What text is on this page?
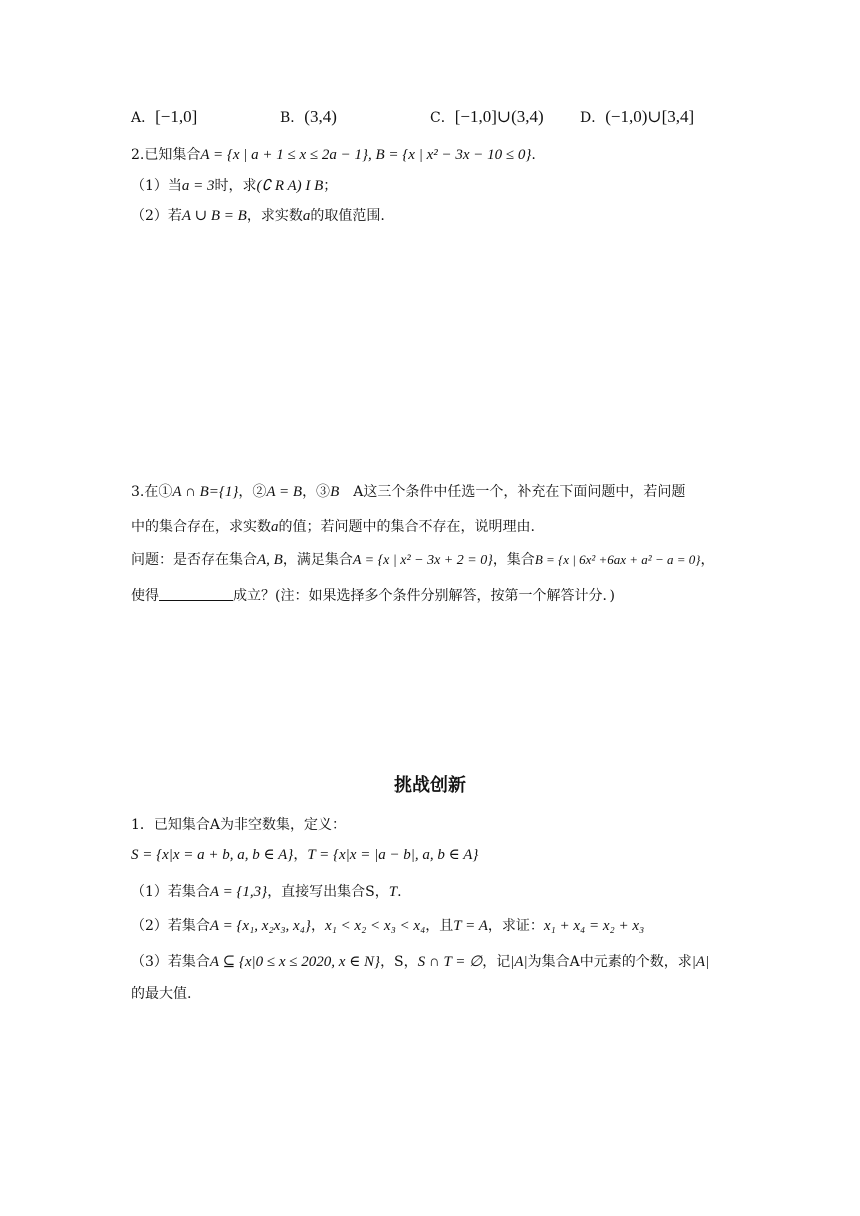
A．[−1,0]	B．(3,4)	C．[−1,0]∪(3,4)	D．(−1,0)∪[3,4]
2.已知集合A = {x | a + 1 ≤ x ≤ 2a − 1}, B = {x | x² − 3x − 10 ≤ 0}.
（1）当a = 3时，求(∁ R A) I B；
（2）若A ∪ B = B，求实数a的取值范围.
3.在①A ∩ B={1}，②A = B，③B　A这三个条件中任选一个，补充在下面问题中，若问题
中的集合存在，求实数a的值；若问题中的集合不存在，说明理由.
问题：是否存在集合A, B，满足集合A = {x | x² − 3x + 2 = 0}，集合B = {x | 6x² +6ax + a² − a = 0}，
使得	成立？(注：如果选择多个条件分别解答，按第一个解答计分．)
挑战创新
1．已知集合A为非空数集，定义：
S = {x|x = a + b, a, b ∈ A}，T = {x|x = |a − b|, a, b ∈ A}
（1）若集合A = {1,3}，直接写出集合S，T.
（2）若集合A = {x₁, x₂x₃, x₄}，x₁ < x₂ < x₃ < x₄，且T = A，求证：x₁ + x₄ = x₂ + x₃
（3）若集合A ⊆ {x|0 ≤ x ≤ 2020, x ∈ N}，S，S ∩ T = ∅，记|A|为集合A中元素的个数，求|A|
的最大值.
